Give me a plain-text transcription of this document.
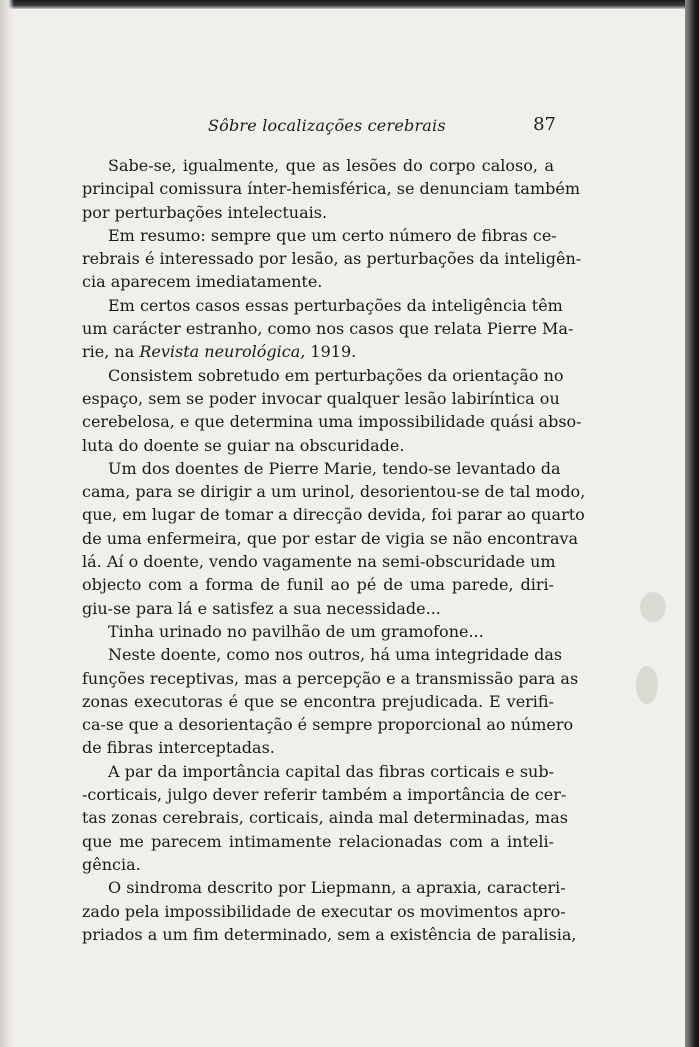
Sôbre localizações cerebrais	87
Sabe-se, igualmente, que as lesões do corpo caloso, a
principal comissura ínter-hemisférica, se denunciam também
por perturbações intelectuais.
Em resumo: sempre que um certo número de fibras ce-
rebrais é interessado por lesão, as perturbações da inteligên-
cia aparecem imediatamente.
Em certos casos essas perturbações da inteligência têm
um carácter estranho, como nos casos que relata Pierre Ma-
rie, na Revista neurológica, 1919.
Consistem sobretudo em perturbações da orientação no
espaço, sem se poder invocar qualquer lesão labiríntica ou
cerebelosa, e que determina uma impossibilidade quási abso-
luta do doente se guiar na obscuridade.
Um dos doentes de Pierre Marie, tendo-se levantado da
cama, para se dirigir a um urinol, desorientou-se de tal modo,
que, em lugar de tomar a direcção devida, foi parar ao quarto
de uma enfermeira, que por estar de vigia se não encontrava
lá. Aí o doente, vendo vagamente na semi-obscuridade um
objecto com a forma de funil ao pé de uma parede, diri-
giu-se para lá e satisfez a sua necessidade...
Tinha urinado no pavilhão de um gramofone...
Neste doente, como nos outros, há uma integridade das
funções receptivas, mas a percepção e a transmissão para as
zonas executoras é que se encontra prejudicada. E verifi-
ca-se que a desorientação é sempre proporcional ao número
de fibras interceptadas.
A par da importância capital das fibras corticais e sub-
-corticais, julgo dever referir também a importância de cer-
tas zonas cerebrais, corticais, ainda mal determinadas, mas
que me parecem intimamente relacionadas com a inteli-
gência.
O sindroma descrito por Liepmann, a apraxia, caracteri-
zado pela impossibilidade de executar os movimentos apro-
priados a um fim determinado, sem a existência de paralisia,
